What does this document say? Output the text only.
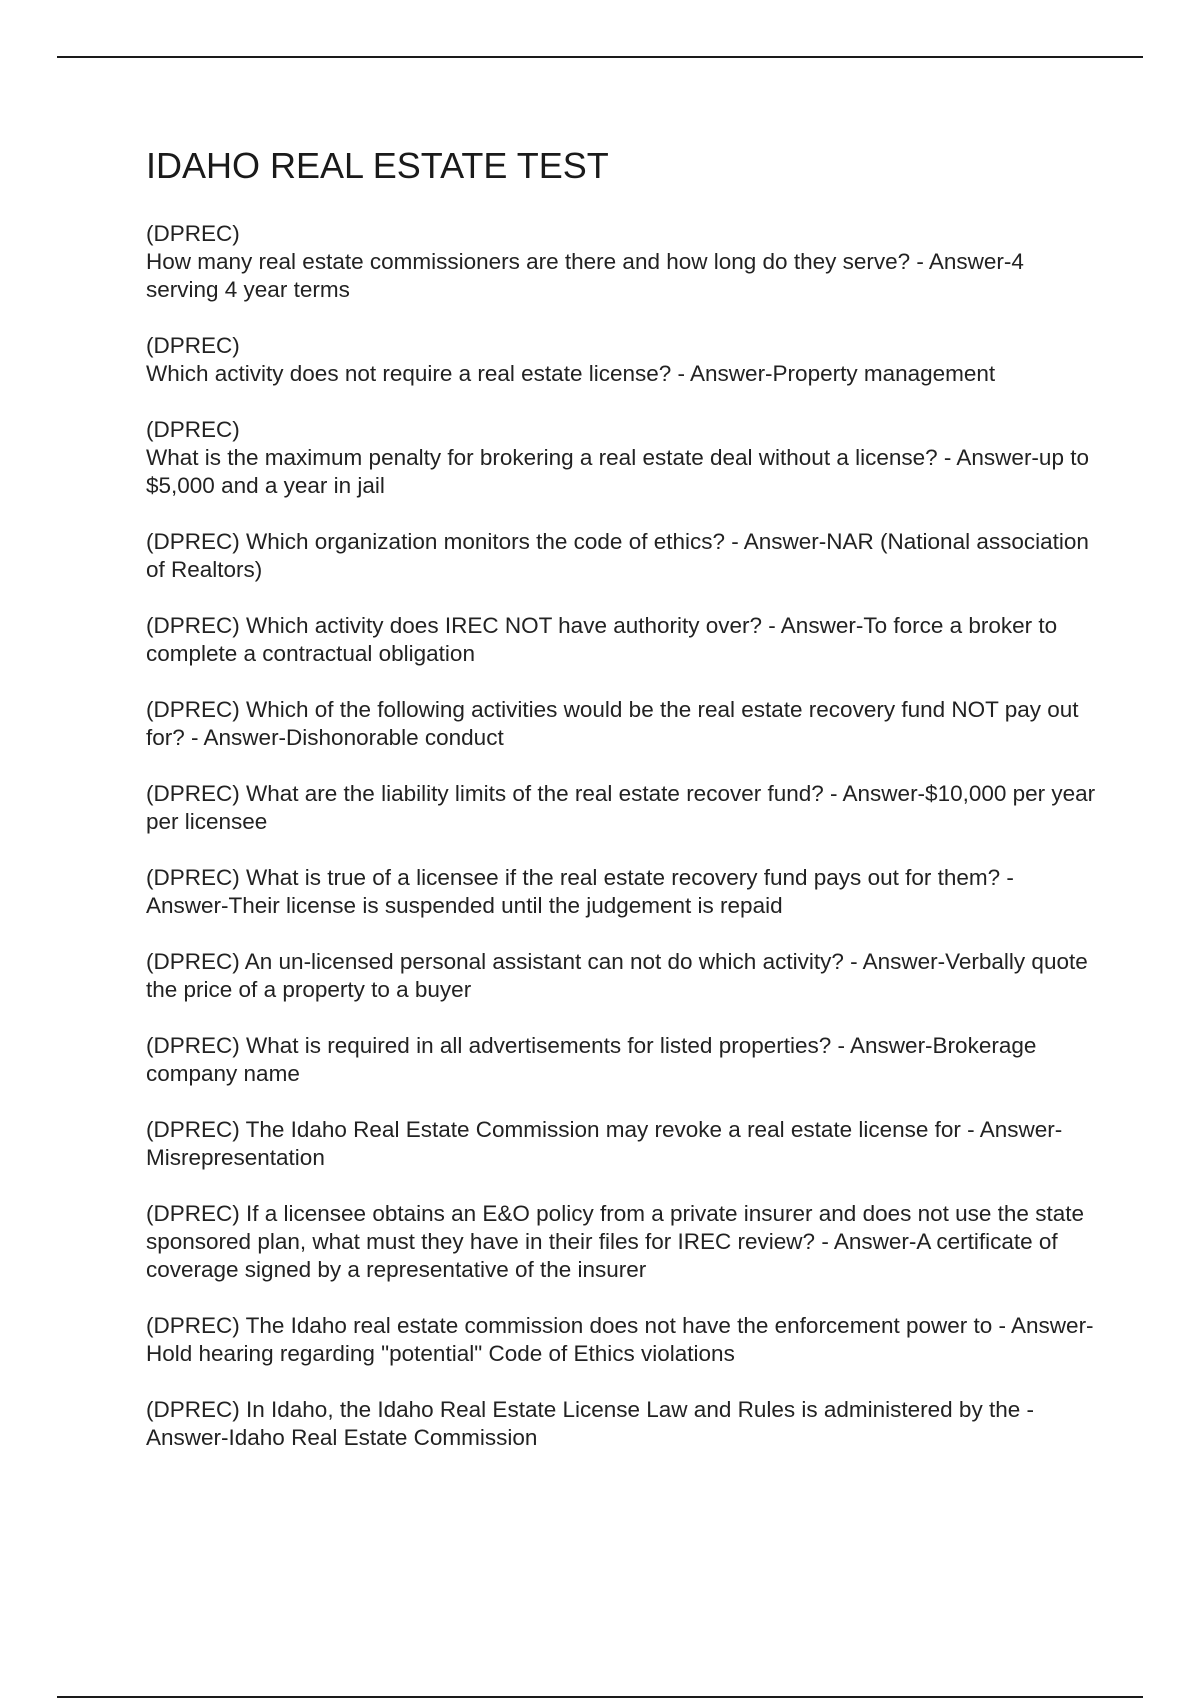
IDAHO REAL ESTATE TEST
(DPREC)
How many real estate commissioners are there and how long do they serve? - Answer-4 serving 4 year terms
(DPREC)
Which activity does not require a real estate license? - Answer-Property management
(DPREC)
What is the maximum penalty for brokering a real estate deal without a license? - Answer-up to $5,000 and a year in jail
(DPREC) Which organization monitors the code of ethics? - Answer-NAR (National association of Realtors)
(DPREC) Which activity does IREC NOT have authority over? - Answer-To force a broker to complete a contractual obligation
(DPREC) Which of the following activities would be the real estate recovery fund NOT pay out for? - Answer-Dishonorable conduct
(DPREC) What are the liability limits of the real estate recover fund? - Answer-$10,000 per year per licensee
(DPREC) What is true of a licensee if the real estate recovery fund pays out for them? - Answer-Their license is suspended until the judgement is repaid
(DPREC) An un-licensed personal assistant can not do which activity? - Answer-Verbally quote the price of a property to a buyer
(DPREC) What is required in all advertisements for listed properties? - Answer-Brokerage company name
(DPREC) The Idaho Real Estate Commission may revoke a real estate license for - Answer-Misrepresentation
(DPREC) If a licensee obtains an E&O policy from a private insurer and does not use the state sponsored plan, what must they have in their files for IREC review? - Answer-A certificate of coverage signed by a representative of the insurer
(DPREC) The Idaho real estate commission does not have the enforcement power to - Answer-Hold hearing regarding "potential" Code of Ethics violations
(DPREC) In Idaho, the Idaho Real Estate License Law and Rules is administered by the - Answer-Idaho Real Estate Commission
